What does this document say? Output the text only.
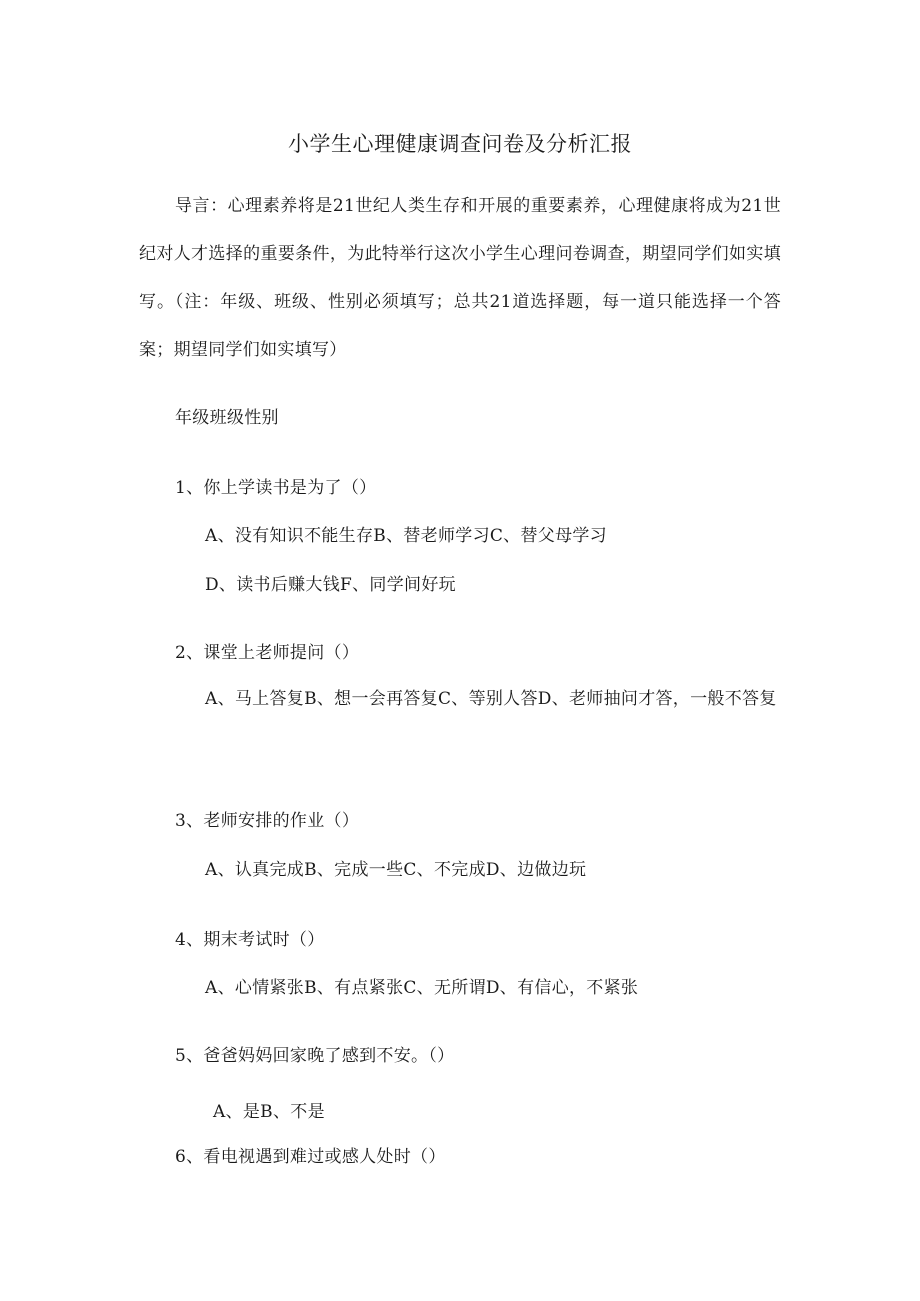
小学生心理健康调查问卷及分析汇报
导言：心理素养将是21世纪人类生存和开展的重要素养，心理健康将成为21世纪对人才选择的重要条件，为此特举行这次小学生心理问卷调查，期望同学们如实填写。（注：年级、班级、性别必须填写；总共21道选择题，每一道只能选择一个答案；期望同学们如实填写）
年级班级性别
1、你上学读书是为了（）
A、没有知识不能生存B、替老师学习C、替父母学习
D、读书后赚大钱F、同学间好玩
2、课堂上老师提问（）
A、马上答复B、想一会再答复C、等别人答D、老师抽问才答，一般不答复
3、老师安排的作业（）
A、认真完成B、完成一些C、不完成D、边做边玩
4、期末考试时（）
A、心情紧张B、有点紧张C、无所谓D、有信心，不紧张
5、爸爸妈妈回家晚了感到不安。（）
A、是B、不是
6、看电视遇到难过或感人处时（）
